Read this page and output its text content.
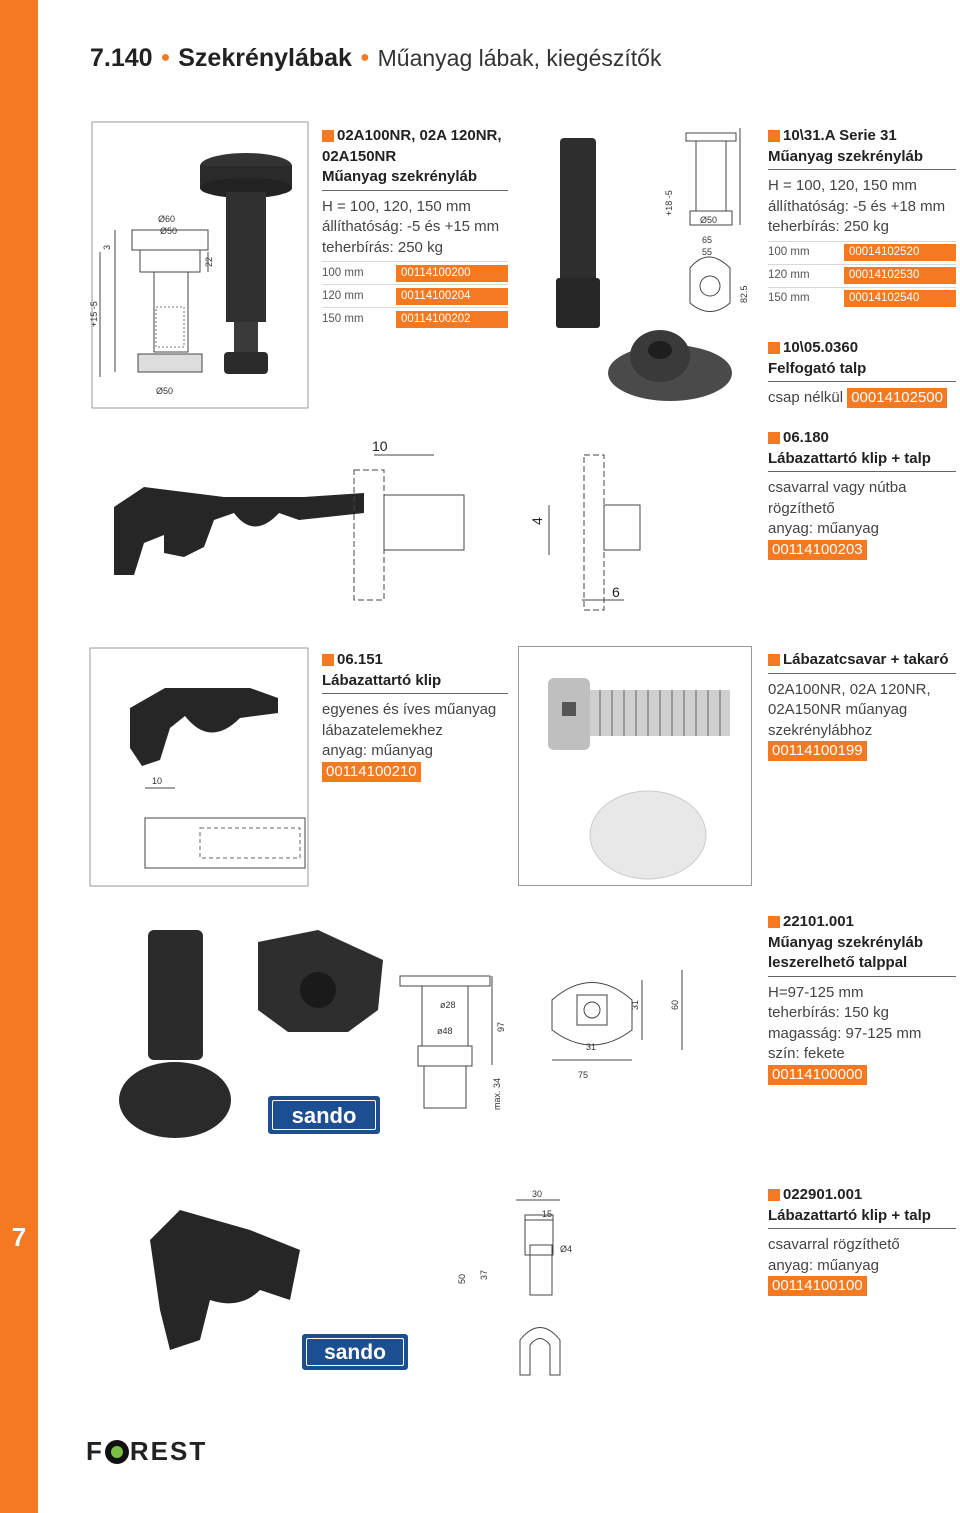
7
7.140 ● Szekrénylábak ● Műanyag lábak, kiegészítők
Ø60
Ø50
3
22
+15 -5
Ø50
02A100NR, 02A 120NR,
02A150NR
Műanyag szekrényláb
H = 100, 120, 150 mm
állíthatóság: -5 és +15 mm
teherbírás: 250 kg
100 mm	00114100200
120 mm	00114100204
150 mm	00114100202
+18 -5
Ø50
65
55
82.5
10\31.A Serie 31
Műanyag szekrényláb
H = 100, 120, 150 mm
állíthatóság: -5 és +18 mm
teherbírás: 250 kg
100 mm	00014102520
120 mm	00014102530
150 mm	00014102540
10\05.0360
Felfogató talp
csap nélkül 00014102500
10
4
6
06.180
Lábazattartó klip + talp
csavarral vagy nútba
rögzíthető
anyag: műanyag
00114100203
10
06.151
Lábazattartó klip
egyenes és íves műanyag
lábazatelemekhez
anyag: műanyag
00114100210
Lábazatcsavar + takaró
02A100NR, 02A 120NR,
02A150NR műanyag
szekrénylábhoz
00114100199
sando
ø28
ø48	97
max. 34
31
75
31	60
22101.001
Műanyag szekrényláb
leszerelhető talppal
H=97-125 mm
teherbírás: 150 kg
magasság: 97-125 mm
szín: fekete
00114100000
30
15
Ø4
50 37
sando
022901.001
Lábazattartó klip + talp
csavarral rögzíthető
anyag: műanyag
00114100100
F REST
